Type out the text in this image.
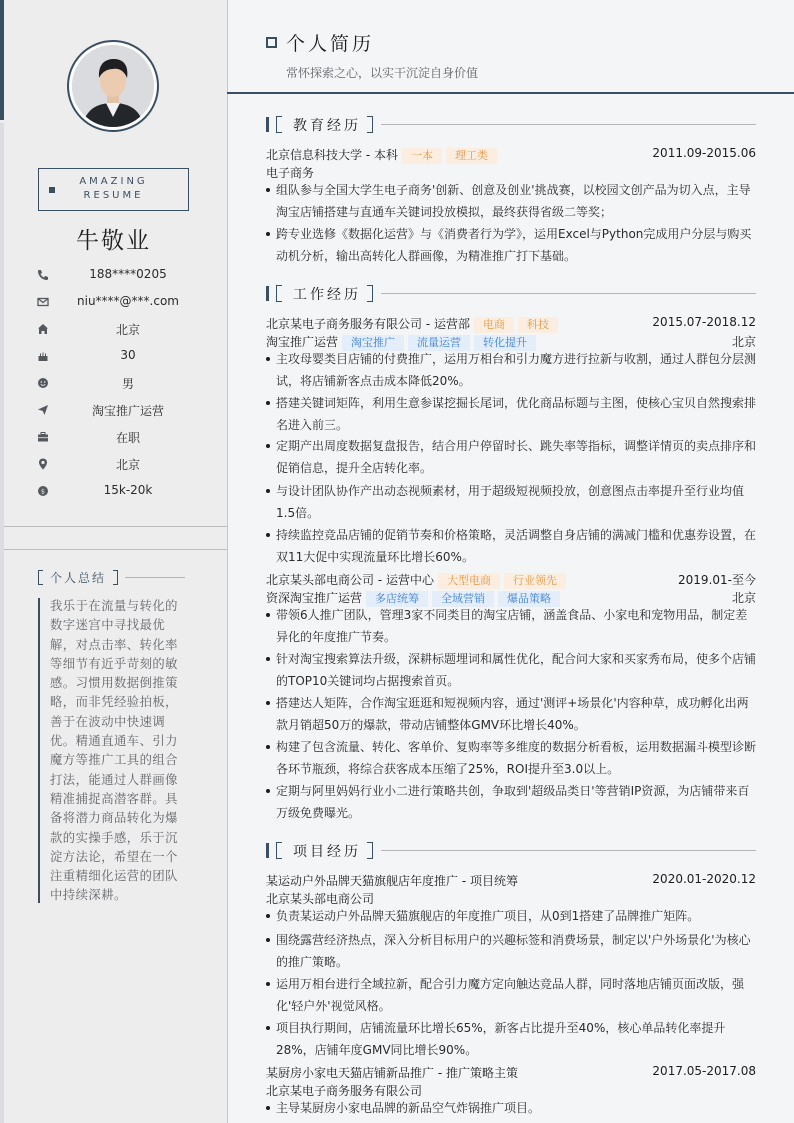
AMAZING
RESUME
牛敬业
188****0205
niu****@***.com
北京
30
男
淘宝推广运营
在职
北京
$	15k-20k
个人总结
我乐于在流量与转化的数字迷宫中寻找最优解，对点击率、转化率等细节有近乎苛刻的敏感。习惯用数据倒推策略，而非凭经验拍板，善于在波动中快速调优。精通直通车、引力魔方等推广工具的组合打法，能通过人群画像精准捕捉高潜客群。具备将潜力商品转化为爆款的实操手感，乐于沉淀方法论，希望在一个注重精细化运营的团队中持续深耕。
个人简历
常怀探索之心，以实干沉淀自身价值
教育经历
北京信息科技大学 - 本科 一本 理工类	2011.09-2015.06
电子商务
组队参与全国大学生电子商务'创新、创意及创业'挑战赛，以校园文创产品为切入点，主导淘宝店铺搭建与直通车关键词投放模拟，最终获得省级二等奖；
跨专业选修《数据化运营》与《消费者行为学》，运用Excel与Python完成用户分层与购买动机分析，输出高转化人群画像，为精准推广打下基础。
工作经历
北京某电子商务服务有限公司 - 运营部 电商 科技	2015.07-2018.12
淘宝推广运营 淘宝推广 流量运营 转化提升	北京
主攻母婴类目店铺的付费推广，运用万相台和引力魔方进行拉新与收割，通过人群包分层测试，将店铺新客点击成本降低20%。
搭建关键词矩阵，利用生意参谋挖掘长尾词，优化商品标题与主图，使核心宝贝自然搜索排名进入前三。
定期产出周度数据复盘报告，结合用户停留时长、跳失率等指标，调整详情页的卖点排序和促销信息，提升全店转化率。
与设计团队协作产出动态视频素材，用于超级短视频投放，创意图点击率提升至行业均值1.5倍。
持续监控竞品店铺的促销节奏和价格策略，灵活调整自身店铺的满减门槛和优惠券设置，在双11大促中实现流量环比增长60%。
北京某头部电商公司 - 运营中心 大型电商 行业领先	2019.01-至今
资深淘宝推广运营 多店统筹 全域营销 爆品策略	北京
带领6人推广团队，管理3家不同类目的淘宝店铺，涵盖食品、小家电和宠物用品，制定差异化的年度推广节奏。
针对淘宝搜索算法升级，深耕标题埋词和属性优化，配合问大家和买家秀布局，使多个店铺的TOP10关键词均占据搜索首页。
搭建达人矩阵，合作淘宝逛逛和短视频内容，通过'测评+场景化'内容种草，成功孵化出两款月销超50万的爆款，带动店铺整体GMV环比增长40%。
构建了包含流量、转化、客单价、复购率等多维度的数据分析看板，运用数据漏斗模型诊断各环节瓶颈，将综合获客成本压缩了25%，ROI提升至3.0以上。
定期与阿里妈妈行业小二进行策略共创，争取到'超级品类日'等营销IP资源，为店铺带来百万级免费曝光。
项目经历
某运动户外品牌天猫旗舰店年度推广 - 项目统筹	2020.01-2020.12
北京某头部电商公司
负责某运动户外品牌天猫旗舰店的年度推广项目，从0到1搭建了品牌推广矩阵。
围绕露营经济热点，深入分析目标用户的兴趣标签和消费场景，制定以'户外场景化'为核心的推广策略。
运用万相台进行全域拉新，配合引力魔方定向触达竞品人群，同时落地店铺页面改版，强化'轻户外'视觉风格。
项目执行期间，店铺流量环比增长65%，新客占比提升至40%，核心单品转化率提升28%，店铺年度GMV同比增长90%。
某厨房小家电天猫店铺新品推广 - 推广策略主策	2017.05-2017.08
北京某电子商务服务有限公司
主导某厨房小家电品牌的新品空气炸锅推广项目。
